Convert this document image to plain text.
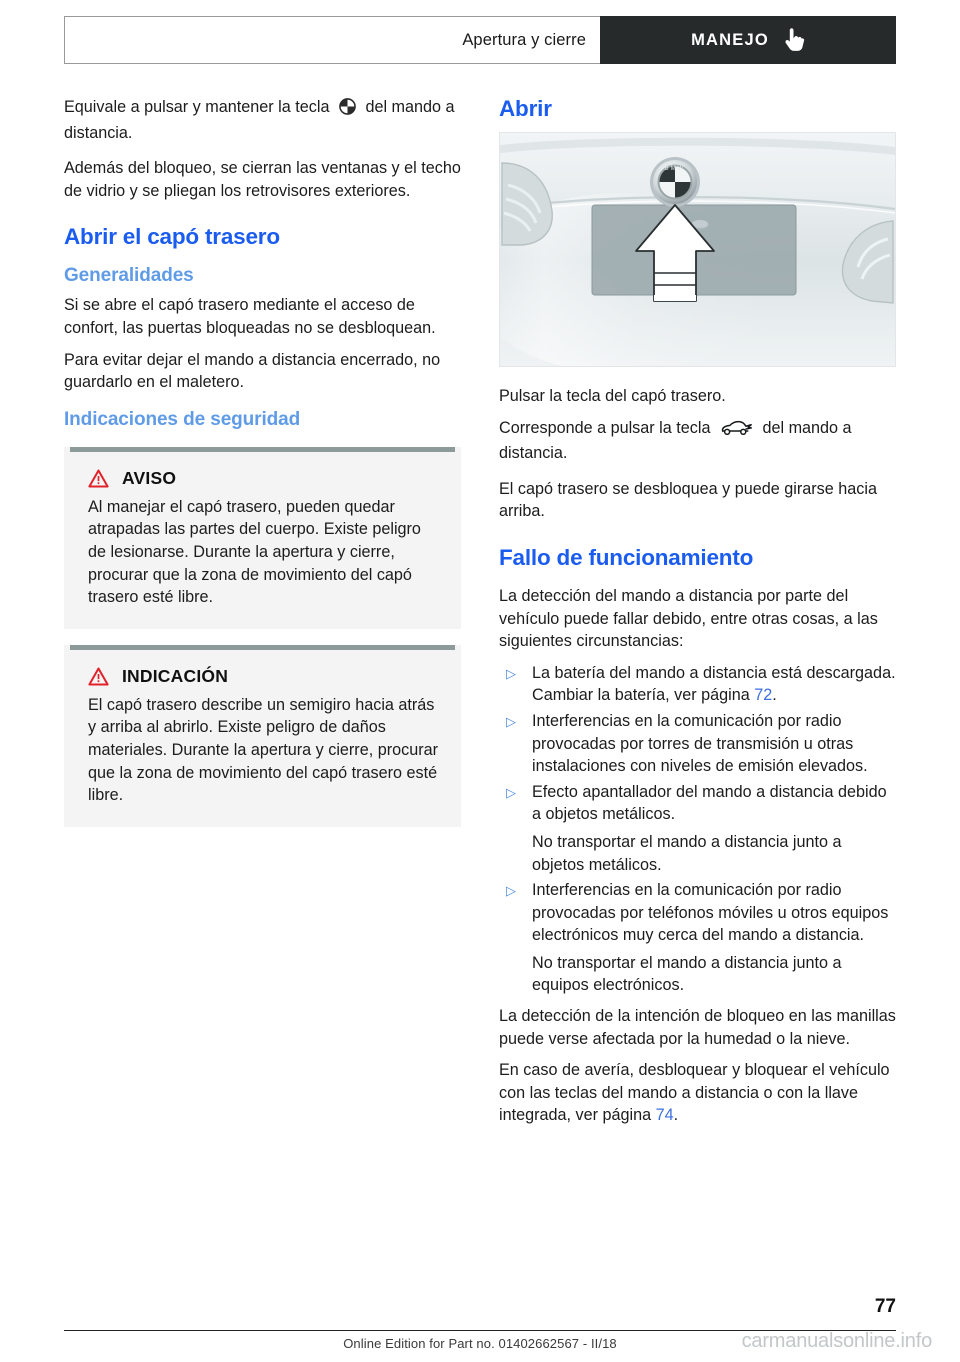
Apertura y cierre	MANEJO

Equivale a pulsar y mantener la tecla del mando a distancia.

Además del bloqueo, se cierran las ventanas y el techo de vidrio y se pliegan los retrovisores exteriores.

Abrir el capó trasero
Generalidades

Si se abre el capó trasero mediante el acceso de confort, las puertas bloqueadas no se desbloquean.

Para evitar dejar el mando a distancia encerrado, no guardarlo en el maletero.

Indicaciones de seguridad
AVISO

Al manejar el capó trasero, pueden quedar atrapadas las partes del cuerpo. Existe peligro de lesionarse. Durante la apertura y cierre, procurar que la zona de movimiento del capó trasero esté libre.

INDICACIÓN

El capó trasero describe un semigiro hacia atrás y arriba al abrirlo. Existe peligro de daños materiales. Durante la apertura y cierre, procurar que la zona de movimiento del capó trasero esté libre.

Abrir
BMW

Pulsar la tecla del capó trasero.

Corresponde a pulsar la tecla	del mando a distancia.

El capó trasero se desbloquea y puede girarse hacia arriba.

Fallo de funcionamiento

La detección del mando a distancia por parte del vehículo puede fallar debido, entre otras cosas, a las siguientes circunstancias:

▷ La batería del mando a distancia está descargada. Cambiar la batería, ver página 72.

▷ Interferencias en la comunicación por radio provocadas por torres de transmisión u otras instalaciones con niveles de emisión elevados.

▷ Efecto apantallador del mando a distancia debido a objetos metálicos.

No transportar el mando a distancia junto a objetos metálicos.

▷ Interferencias en la comunicación por radio provocadas por teléfonos móviles u otros equipos electrónicos muy cerca del mando a distancia.

No transportar el mando a distancia junto a equipos electrónicos.

La detección de la intención de bloqueo en las manillas puede verse afectada por la humedad o la nieve.

En caso de avería, desbloquear y bloquear el vehículo con las teclas del mando a distancia o con la llave integrada, ver página 74.

77
Online Edition for Part no. 01402662567 - II/18	carmanualsonline.info
